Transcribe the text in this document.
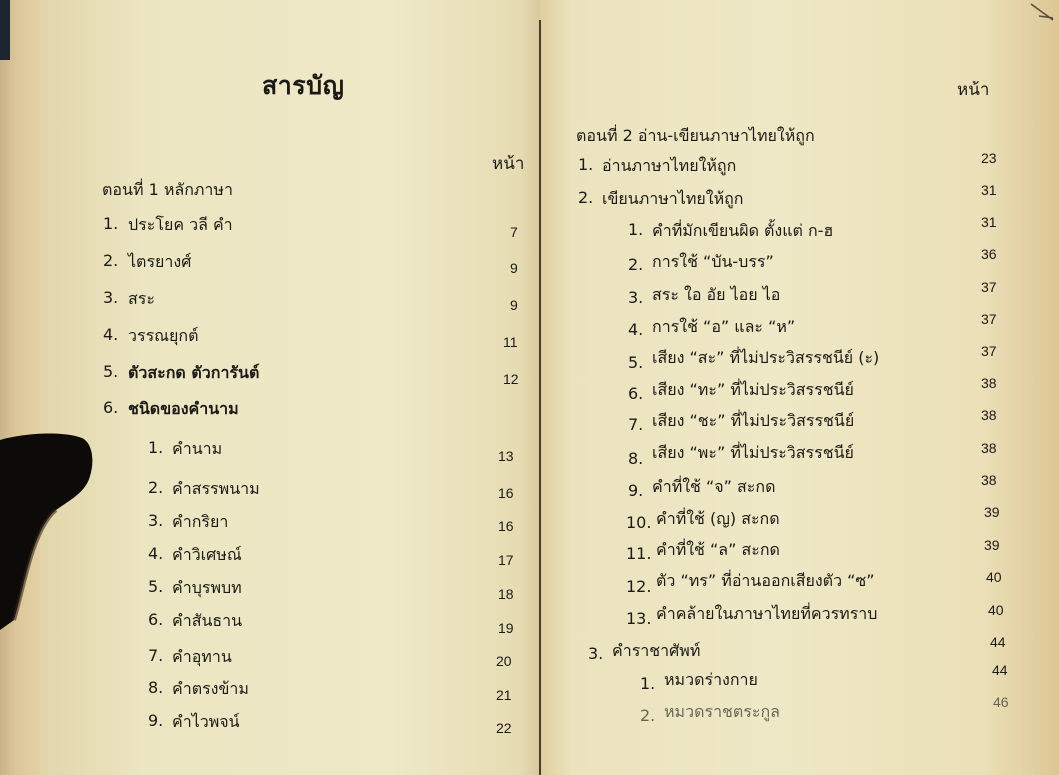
สารบัญ
หน้า
ตอนที่ 1 หลักภาษา
1. ประโยค วลี คำ	7
2. ไตรยางศ์	9
3. สระ	9
4. วรรณยุกต์	11
5. ตัวสะกด ตัวการันต์	12
6. ชนิดของคำนาม
1. คำนาม	13
2. คำสรรพนาม	16
3. คำกริยา	16
4. คำวิเศษณ์	17
5. คำบุรพบท	18
6. คำสันธาน	19
7. คำอุทาน	20
8. คำตรงข้าม	21
9. คำไวพจน์	22
หน้า
ตอนที่ 2 อ่าน-เขียนภาษาไทยให้ถูก
1. อ่านภาษาไทยให้ถูก	23
2. เขียนภาษาไทยให้ถูก	31
1. คำที่มักเขียนผิด ตั้งแต่ ก-ฮ	31
2. การใช้ “บัน-บรร”	36
3. สระ ใอ อัย ไอย ไอ	37
4. การใช้ “อ” และ “ห”	37
5. เสียง “สะ” ที่ไม่ประวิสรรชนีย์ (ะ)	37
6. เสียง “ทะ” ที่ไม่ประวิสรรชนีย์	38
7. เสียง “ชะ” ที่ไม่ประวิสรรชนีย์	38
8. เสียง “พะ” ที่ไม่ประวิสรรชนีย์	38
9. คำที่ใช้ “จ” สะกด	38
10. คำที่ใช้ (ญ) สะกด	39
11. คำที่ใช้ “ล” สะกด	39
12. ตัว “ทร” ที่อ่านออกเสียงตัว “ซ”	40
13. คำคล้ายในภาษาไทยที่ควรทราบ	40
3. คำราชาศัพท์	44
1. หมวดร่างกาย	44
2. หมวดราชตระกูล	46
